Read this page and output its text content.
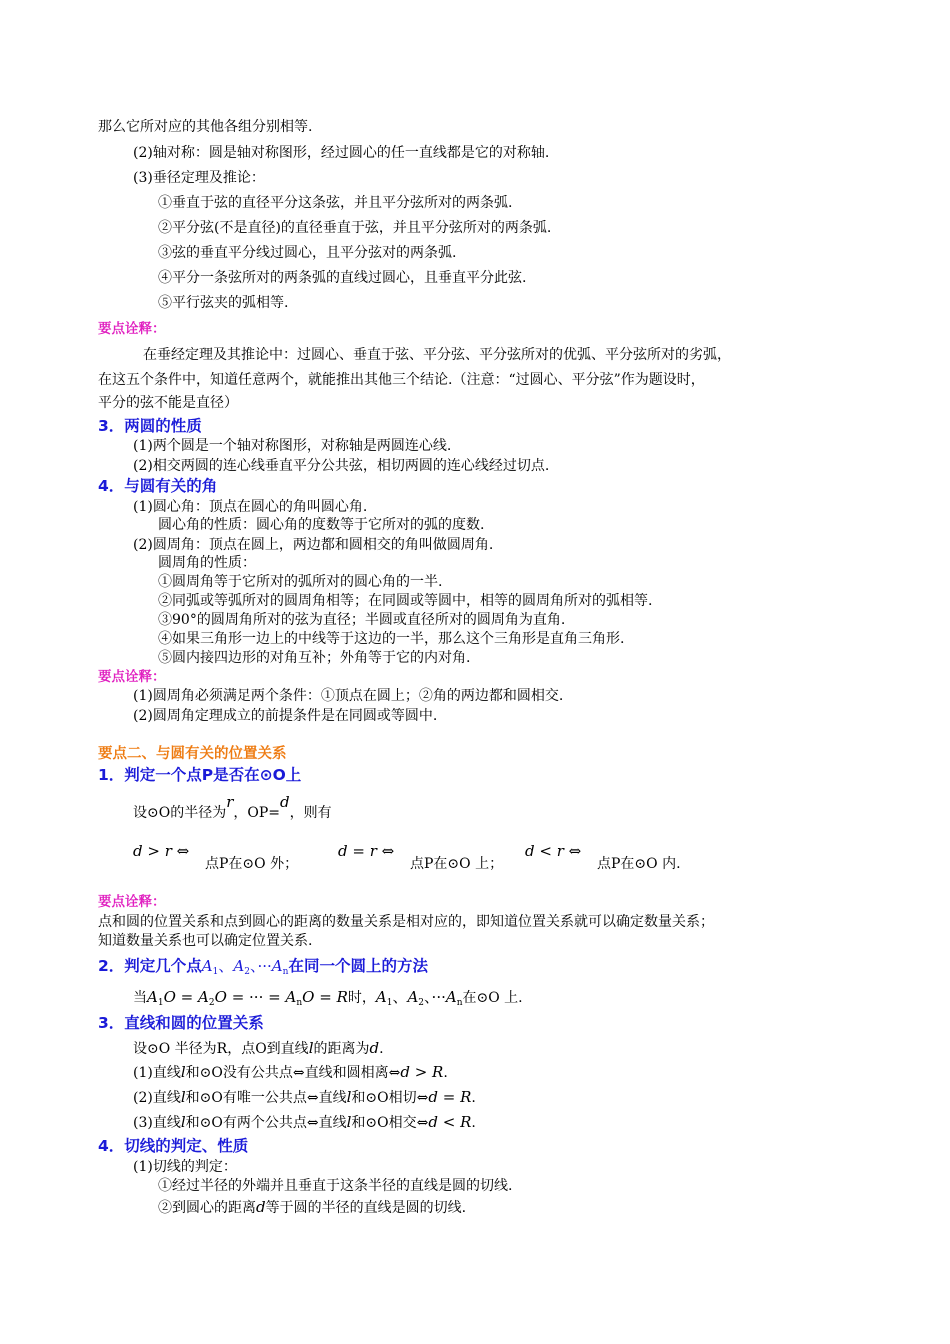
那么它所对应的其他各组分别相等.
(2)轴对称：圆是轴对称图形，经过圆心的任一直线都是它的对称轴.
(3)垂径定理及推论：
①垂直于弦的直径平分这条弦，并且平分弦所对的两条弧.
②平分弦(不是直径)的直径垂直于弦，并且平分弦所对的两条弧.
③弦的垂直平分线过圆心，且平分弦对的两条弧.
④平分一条弦所对的两条弧的直线过圆心，且垂直平分此弦.
⑤平行弦夹的弧相等.
要点诠释：
在垂经定理及其推论中：过圆心、垂直于弦、平分弦、平分弦所对的优弧、平分弦所对的劣弧，
在这五个条件中，知道任意两个，就能推出其他三个结论.（注意：“过圆心、平分弦”作为题设时，
平分的弦不能是直径）
3．两圆的性质
(1)两个圆是一个轴对称图形，对称轴是两圆连心线.
(2)相交两圆的连心线垂直平分公共弦，相切两圆的连心线经过切点.
4．与圆有关的角
(1)圆心角：顶点在圆心的角叫圆心角.
圆心角的性质：圆心角的度数等于它所对的弧的度数.
(2)圆周角：顶点在圆上，两边都和圆相交的角叫做圆周角.
圆周角的性质：
①圆周角等于它所对的弧所对的圆心角的一半.
②同弧或等弧所对的圆周角相等；在同圆或等圆中，相等的圆周角所对的弧相等.
③90°的圆周角所对的弦为直径；半圆或直径所对的圆周角为直角.
④如果三角形一边上的中线等于这边的一半，那么这个三角形是直角三角形.
⑤圆内接四边形的对角互补；外角等于它的内对角.
要点诠释：
(1)圆周角必须满足两个条件：①顶点在圆上；②角的两边都和圆相交.
(2)圆周角定理成立的前提条件是在同圆或等圆中.
要点二、与圆有关的位置关系
1．判定一个点P是否在⊙O上
设⊙O的半径为r，OP=d，则有
d > r ⇔
点P在⊙O 外；
d = r ⇔
点P在⊙O 上；
d < r ⇔
点P在⊙O 内.
要点诠释：
点和圆的位置关系和点到圆心的距离的数量关系是相对应的，即知道位置关系就可以确定数量关系；
知道数量关系也可以确定位置关系.
2．判定几个点$A_1$、$A_2$、$\cdot\cdot\cdot A_n$在同一个圆上的方法
当$A_1O = A_2O$ = ··· = $A_nO = R$时，$A_1$、$A_2$、$\cdot\cdot\cdot A_n$在⊙O 上.
3．直线和圆的位置关系
设⊙O 半径为R，点O到直线l的距离为d.
(1)直线l和⊙O没有公共点⇔直线和圆相离⇔d > R.
(2)直线l和⊙O有唯一公共点⇔直线l和⊙O相切⇔d = R.
(3)直线l和⊙O有两个公共点⇔直线l和⊙O相交⇔d < R.
4．切线的判定、性质
(1)切线的判定：
①经过半径的外端并且垂直于这条半径的直线是圆的切线.
②到圆心的距离d等于圆的半径的直线是圆的切线.
